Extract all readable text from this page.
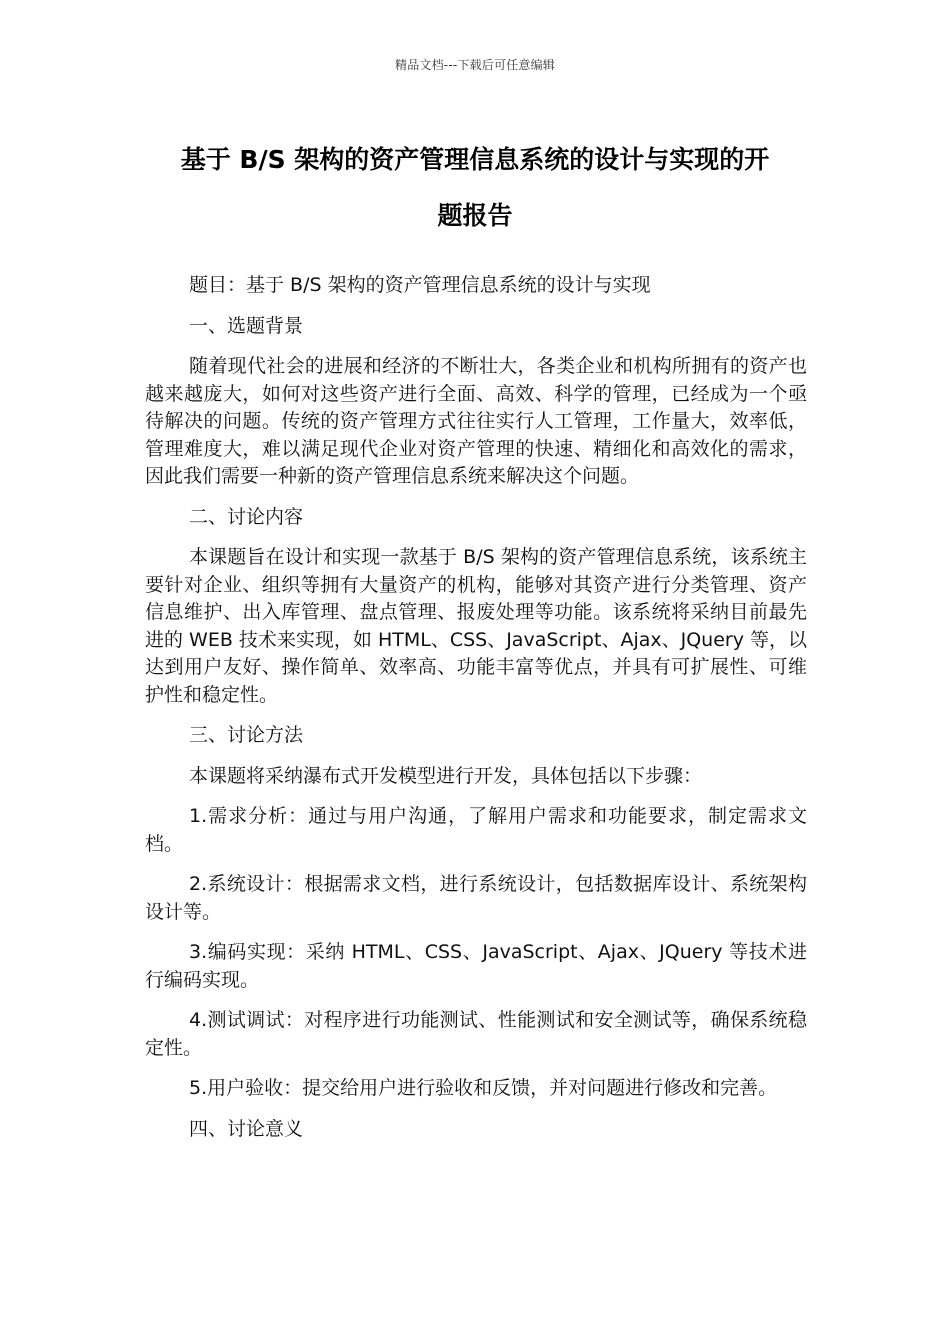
精品文档---下载后可任意编辑
基于 B/S 架构的资产管理信息系统的设计与实现的开
题报告

题目：基于 B/S 架构的资产管理信息系统的设计与实现

一、选题背景

随着现代社会的进展和经济的不断壮大，各类企业和机构所拥有的资产也越来越庞大，如何对这些资产进行全面、高效、科学的管理，已经成为一个亟待解决的问题。传统的资产管理方式往往实行人工管理，工作量大，效率低，管理难度大，难以满足现代企业对资产管理的快速、精细化和高效化的需求，因此我们需要一种新的资产管理信息系统来解决这个问题。

二、讨论内容

本课题旨在设计和实现一款基于 B/S 架构的资产管理信息系统，该系统主要针对企业、组织等拥有大量资产的机构，能够对其资产进行分类管理、资产信息维护、出入库管理、盘点管理、报废处理等功能。该系统将采纳目前最先进的 WEB 技术来实现，如 HTML、CSS、JavaScript、Ajax、JQuery 等，以达到用户友好、操作简单、效率高、功能丰富等优点，并具有可扩展性、可维护性和稳定性。

三、讨论方法

本课题将采纳瀑布式开发模型进行开发，具体包括以下步骤：

1.需求分析：通过与用户沟通，了解用户需求和功能要求，制定需求文档。

2.系统设计：根据需求文档，进行系统设计，包括数据库设计、系统架构设计等。

3.编码实现：采纳 HTML、CSS、JavaScript、Ajax、JQuery 等技术进行编码实现。

4.测试调试：对程序进行功能测试、性能测试和安全测试等，确保系统稳定性。

5.用户验收：提交给用户进行验收和反馈，并对问题进行修改和完善。

四、讨论意义
